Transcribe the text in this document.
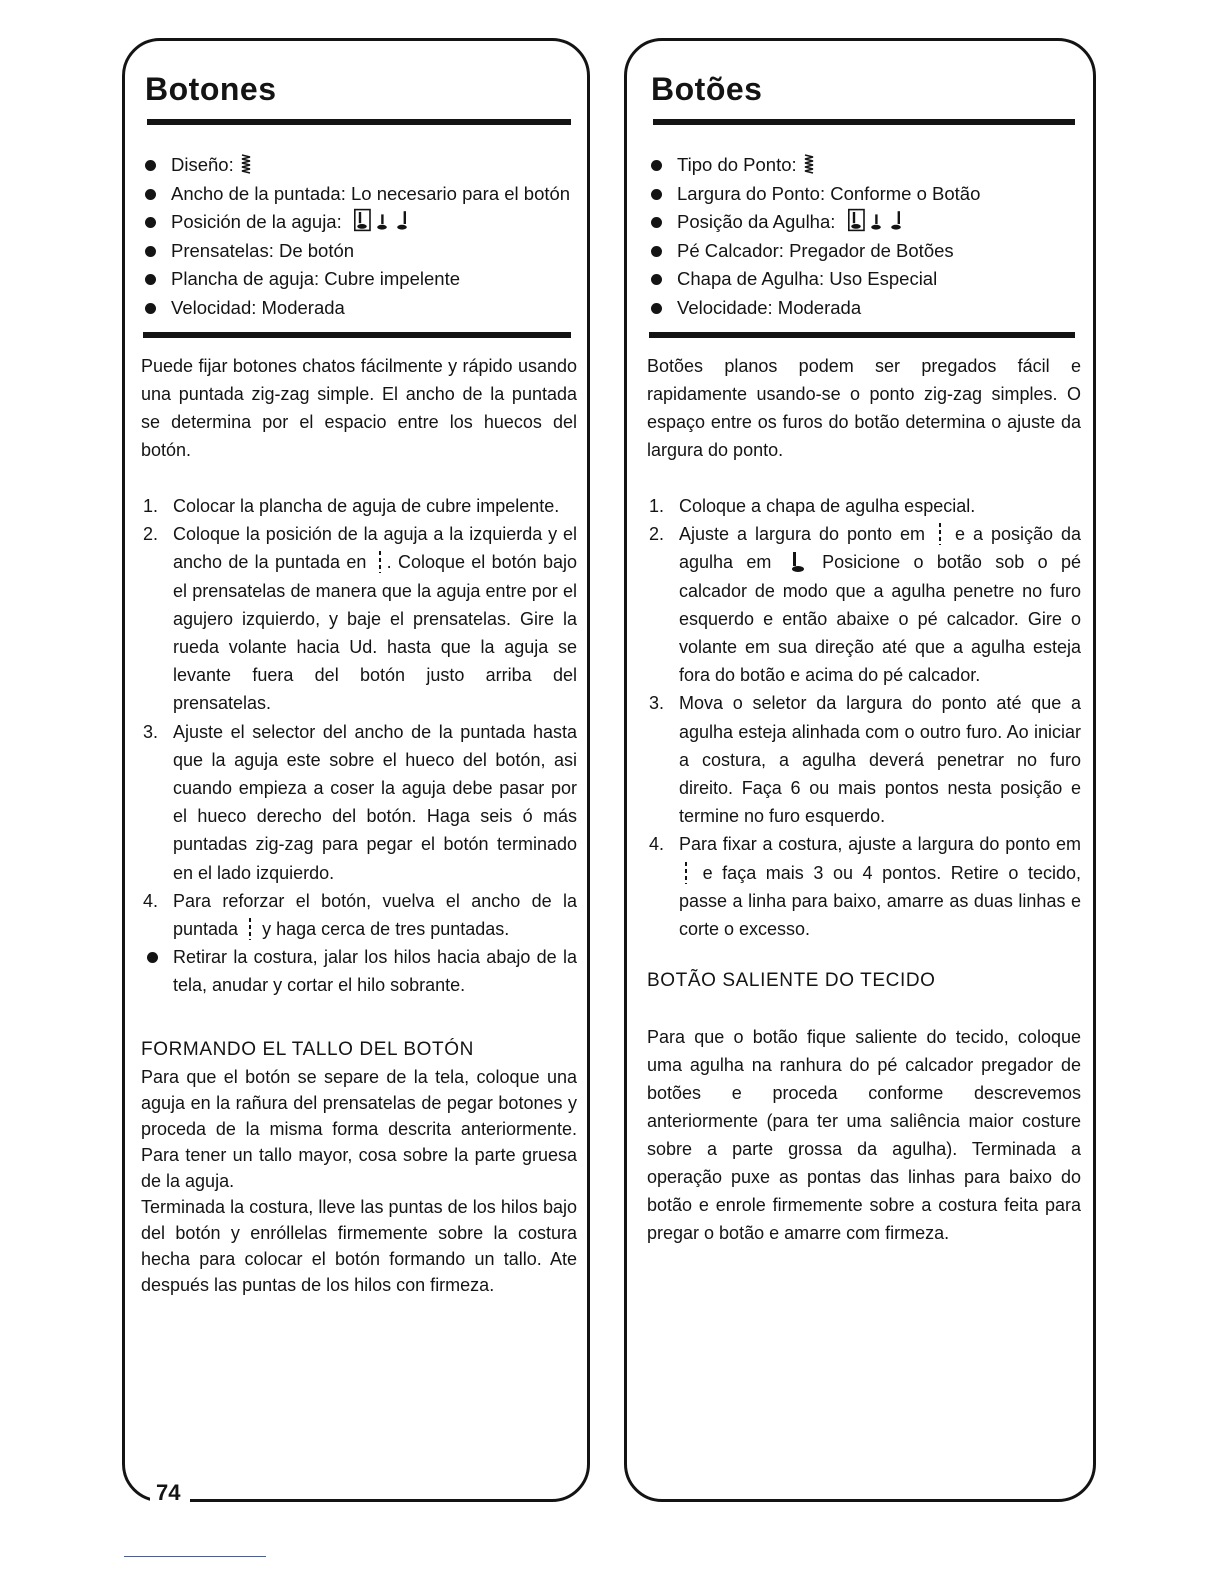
Botones
Diseño:
Ancho de la puntada: Lo necesario para el botón
Posición de la aguja:
Prensatelas: De botón
Plancha de aguja: Cubre impelente
Velocidad: Moderada

Puede fijar botones chatos fácilmente y rápido usando una puntada zig-zag simple. El ancho de la puntada se determina por el espacio entre los huecos del botón.

1. Colocar la plancha de aguja de cubre impelente.
2. Coloque la posición de la aguja a la izquierda y el ancho de la puntada en . Coloque el botón bajo el prensatelas de manera que la aguja entre por el agujero izquierdo, y baje el prensatelas. Gire la rueda volante hacia Ud. hasta que la aguja se levante fuera del botón justo arriba del prensatelas.
3. Ajuste el selector del ancho de la puntada hasta que la aguja este sobre el hueco del botón, asi cuando empieza a coser la aguja debe pasar por el hueco derecho del botón. Haga seis ó más puntadas zig-zag para pegar el botón terminado en el lado izquierdo.
4. Para reforzar el botón, vuelva el ancho de la puntada y haga cerca de tres puntadas.
Retirar la costura, jalar los hilos hacia abajo de la tela, anudar y cortar el hilo sobrante.

FORMANDO EL TALLO DEL BOTÓN

Para que el botón se separe de la tela, coloque una aguja en la rañura del prensatelas de pegar botones y proceda de la misma forma descrita anteriormente. Para tener un tallo mayor, cosa sobre la parte gruesa de la aguja.

Terminada la costura, lleve las puntas de los hilos bajo del botón y enróllelas firmemente sobre la costura hecha para colocar el botón formando un tallo. Ate después las puntas de los hilos con firmeza.

74
Botões
Tipo do Ponto:
Largura do Ponto: Conforme o Botão
Posição da Agulha:
Pé Calcador: Pregador de Botões
Chapa de Agulha: Uso Especial
Velocidade: Moderada

Botões planos podem ser pregados fácil e rapidamente usando-se o ponto zig-zag simples. O espaço entre os furos do botão determina o ajuste da largura do ponto.

1. Coloque a chapa de agulha especial.
2. Ajuste a largura do ponto em e a posição da agulha em	Posicione o botão sob o pé calcador de modo que a agulha penetre no furo esquerdo e então abaixe o pé calcador. Gire o volante em sua direção até que a agulha esteja fora do botão e acima do pé calcador.
3. Mova o seletor da largura do ponto até que a agulha esteja alinhada com o outro furo. Ao iniciar a costura, a agulha deverá penetrar no furo direito. Faça 6 ou mais pontos nesta posição e termine no furo esquerdo.
4. Para fixar a costura, ajuste a largura do ponto em  e faça mais 3 ou 4 pontos. Retire o tecido, passe a linha para baixo, amarre as duas linhas e corte o excesso.

BOTÃO SALIENTE DO TECIDO

Para que o botão fique saliente do tecido, coloque uma agulha na ranhura do pé calcador pregador de botões e proceda conforme descrevemos anteriormente (para ter uma saliência maior costure sobre a parte grossa da agulha). Terminada a operação puxe as pontas das linhas para baixo do botão e enrole firmemente sobre a costura feita para pregar o botão e amarre com firmeza.
